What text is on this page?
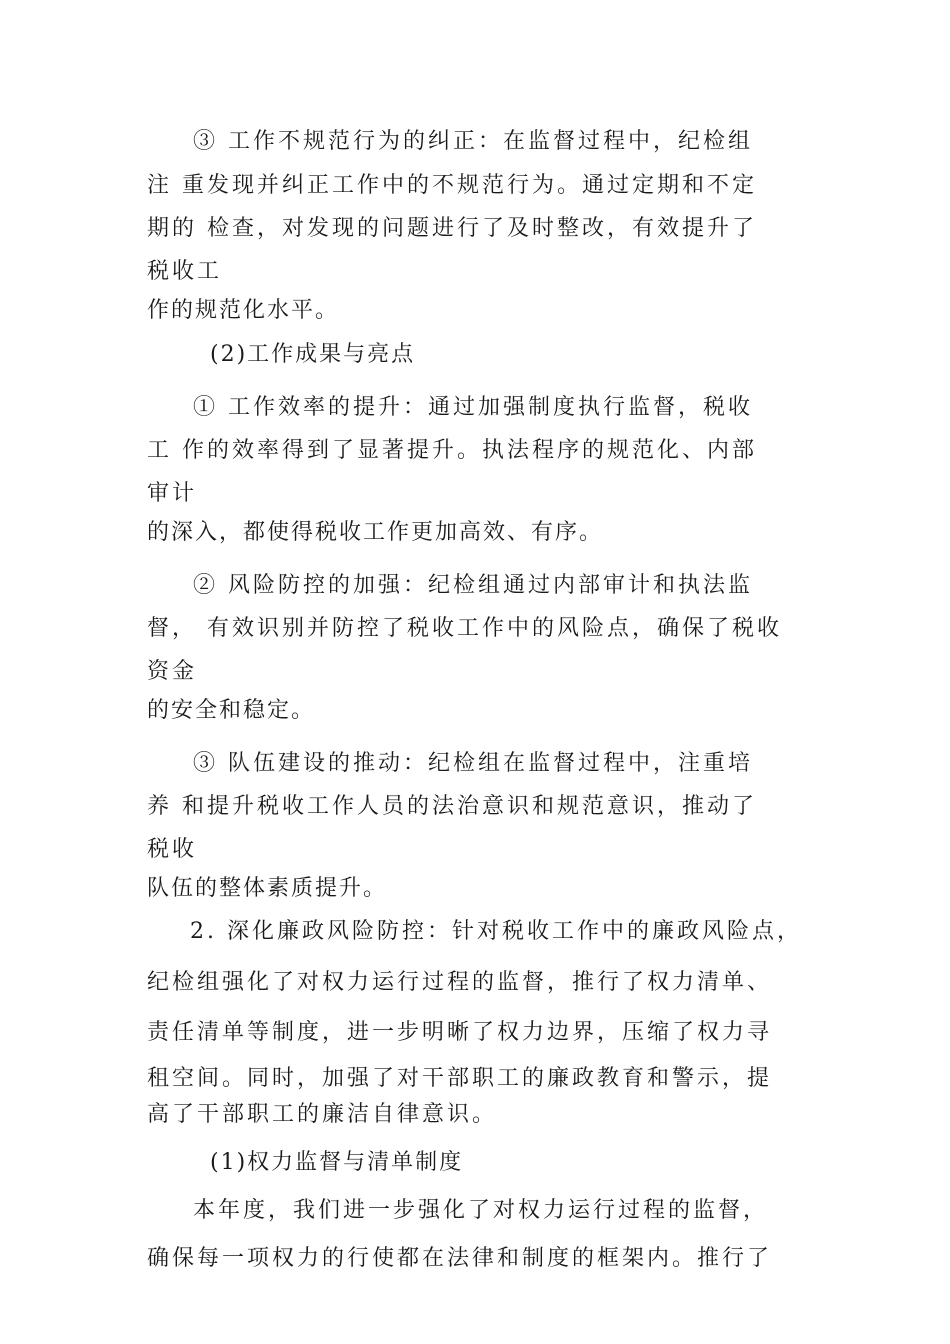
③ 工作不规范行为的纠正：在监督过程中，纪检组
注 重发现并纠正工作中的不规范行为。通过定期和不定
期的 检查，对发现的问题进行了及时整改，有效提升了
税收工
作的规范化水平。
(2)工作成果与亮点
① 工作效率的提升：通过加强制度执行监督，税收
工 作的效率得到了显著提升。执法程序的规范化、内部
审计
的深入，都使得税收工作更加高效、有序。
② 风险防控的加强：纪检组通过内部审计和执法监
督， 有效识别并防控了税收工作中的风险点，确保了税收
资金
的安全和稳定。
③ 队伍建设的推动：纪检组在监督过程中，注重培
养 和提升税收工作人员的法治意识和规范意识，推动了
税收
队伍的整体素质提升。
2. 深化廉政风险防控：针对税收工作中的廉政风险点，
纪检组强化了对权力运行过程的监督，推行了权力清单、
责任清单等制度，进一步明晰了权力边界，压缩了权力寻
租空间。同时，加强了对干部职工的廉政教育和警示，提
高了干部职工的廉洁自律意识。
(1)权力监督与清单制度
本年度，我们进一步强化了对权力运行过程的监督，
确保每一项权力的行使都在法律和制度的框架内。推行了
